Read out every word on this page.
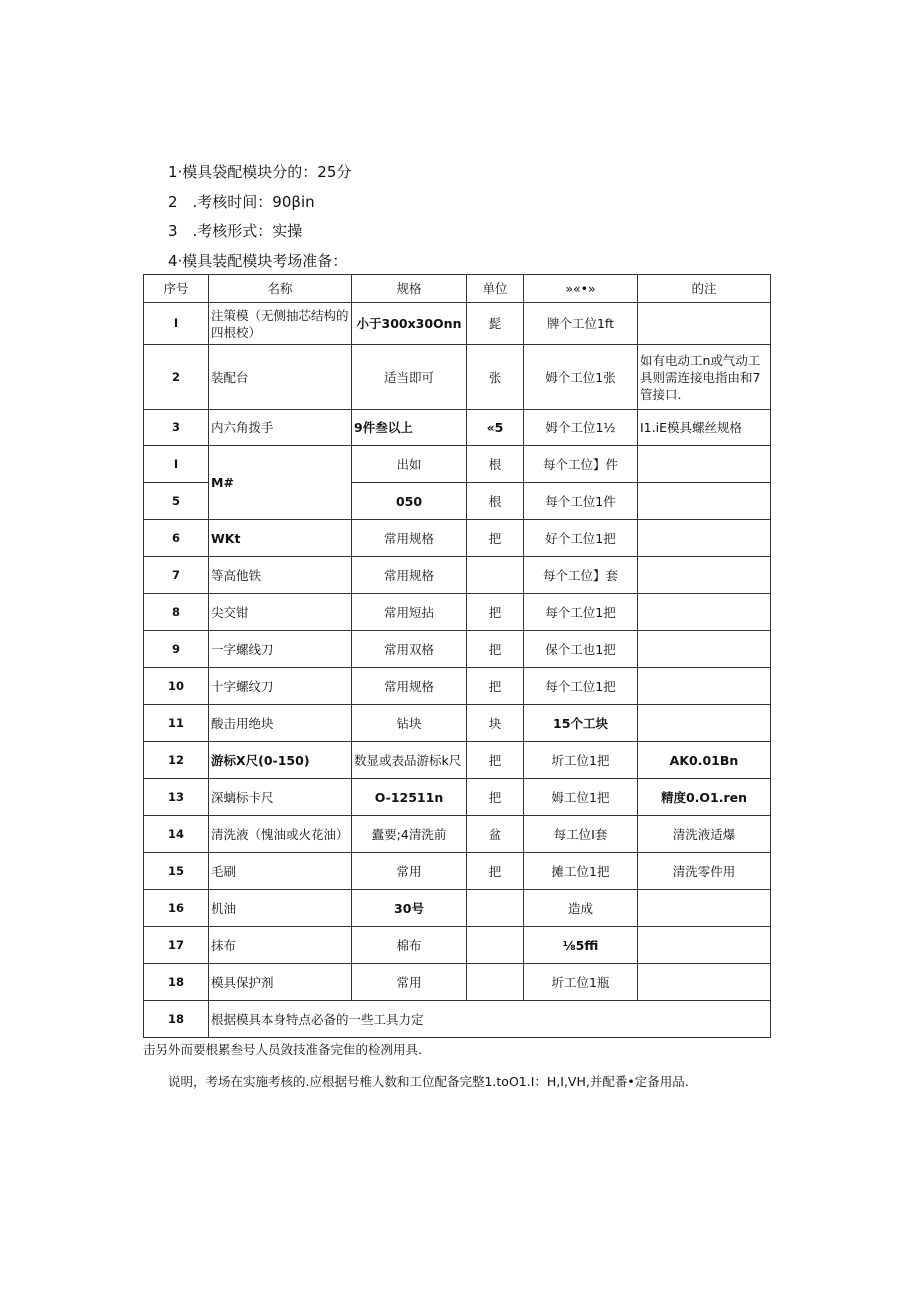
1·模具袋配模块分的：25分
2　.考核时间：90βin
3　.考核形式：实操
4·模具装配模块考场准备：
序号	名称	规格	单位	»«•»	的注
I	注策模（无侧抽芯结构的四根校）	小于300x30Onn	髭	牌个工位1ft	
2	装配台	适当即可	张	姆个工位1张	如有电动工n或气动工具则需连接电指由和7管接口.
3	内六角拨手	9件叁以上	«5	姆个工位1½	I1.iE模具螺丝规格
I	M#	出如	根	每个工位】件	
5		050	根	每个工位1件	
6	WKt	常用规格	把	好个工位1把	
7	等高他铁	常用规格		每个工位】套	
8	尖交钳	常用短拈	把	每个工位1把	
9	一字螺线刀	常用双格	把	保个工也1把	
10	十字螺纹刀	常用规格	把	每个工位1把	
11	酸击用绝块	钻块	块	15个工块	
12	游标X尺(0-150)	数显或表品游标k尺	把	圻工位1把	AK0.01Bn
13	深螭标卡尺	O-12511n	把	姆工位1把	精度0.O1.ren
14	清洗液（愧油或火花油）	蠹要;4清洗前	盆	每工位I套	清洗液适爆
15	毛刷	常用	把	摊工位1把	清洗零件用
16	机油	30号		造成	
17	抹布	棉布		⅛5ffi	
18	模具保护剂	常用		圻工位1瓶	
18	根据模具本身特点必备的一些工具力定				
击另外而要根累叁号人员敛技准备完隹的检冽用具.
说明，考场在实施考核的.应根据号椎人数和工位配备完整1.toO1.I：H,I,VH,并配番•定备用品.
